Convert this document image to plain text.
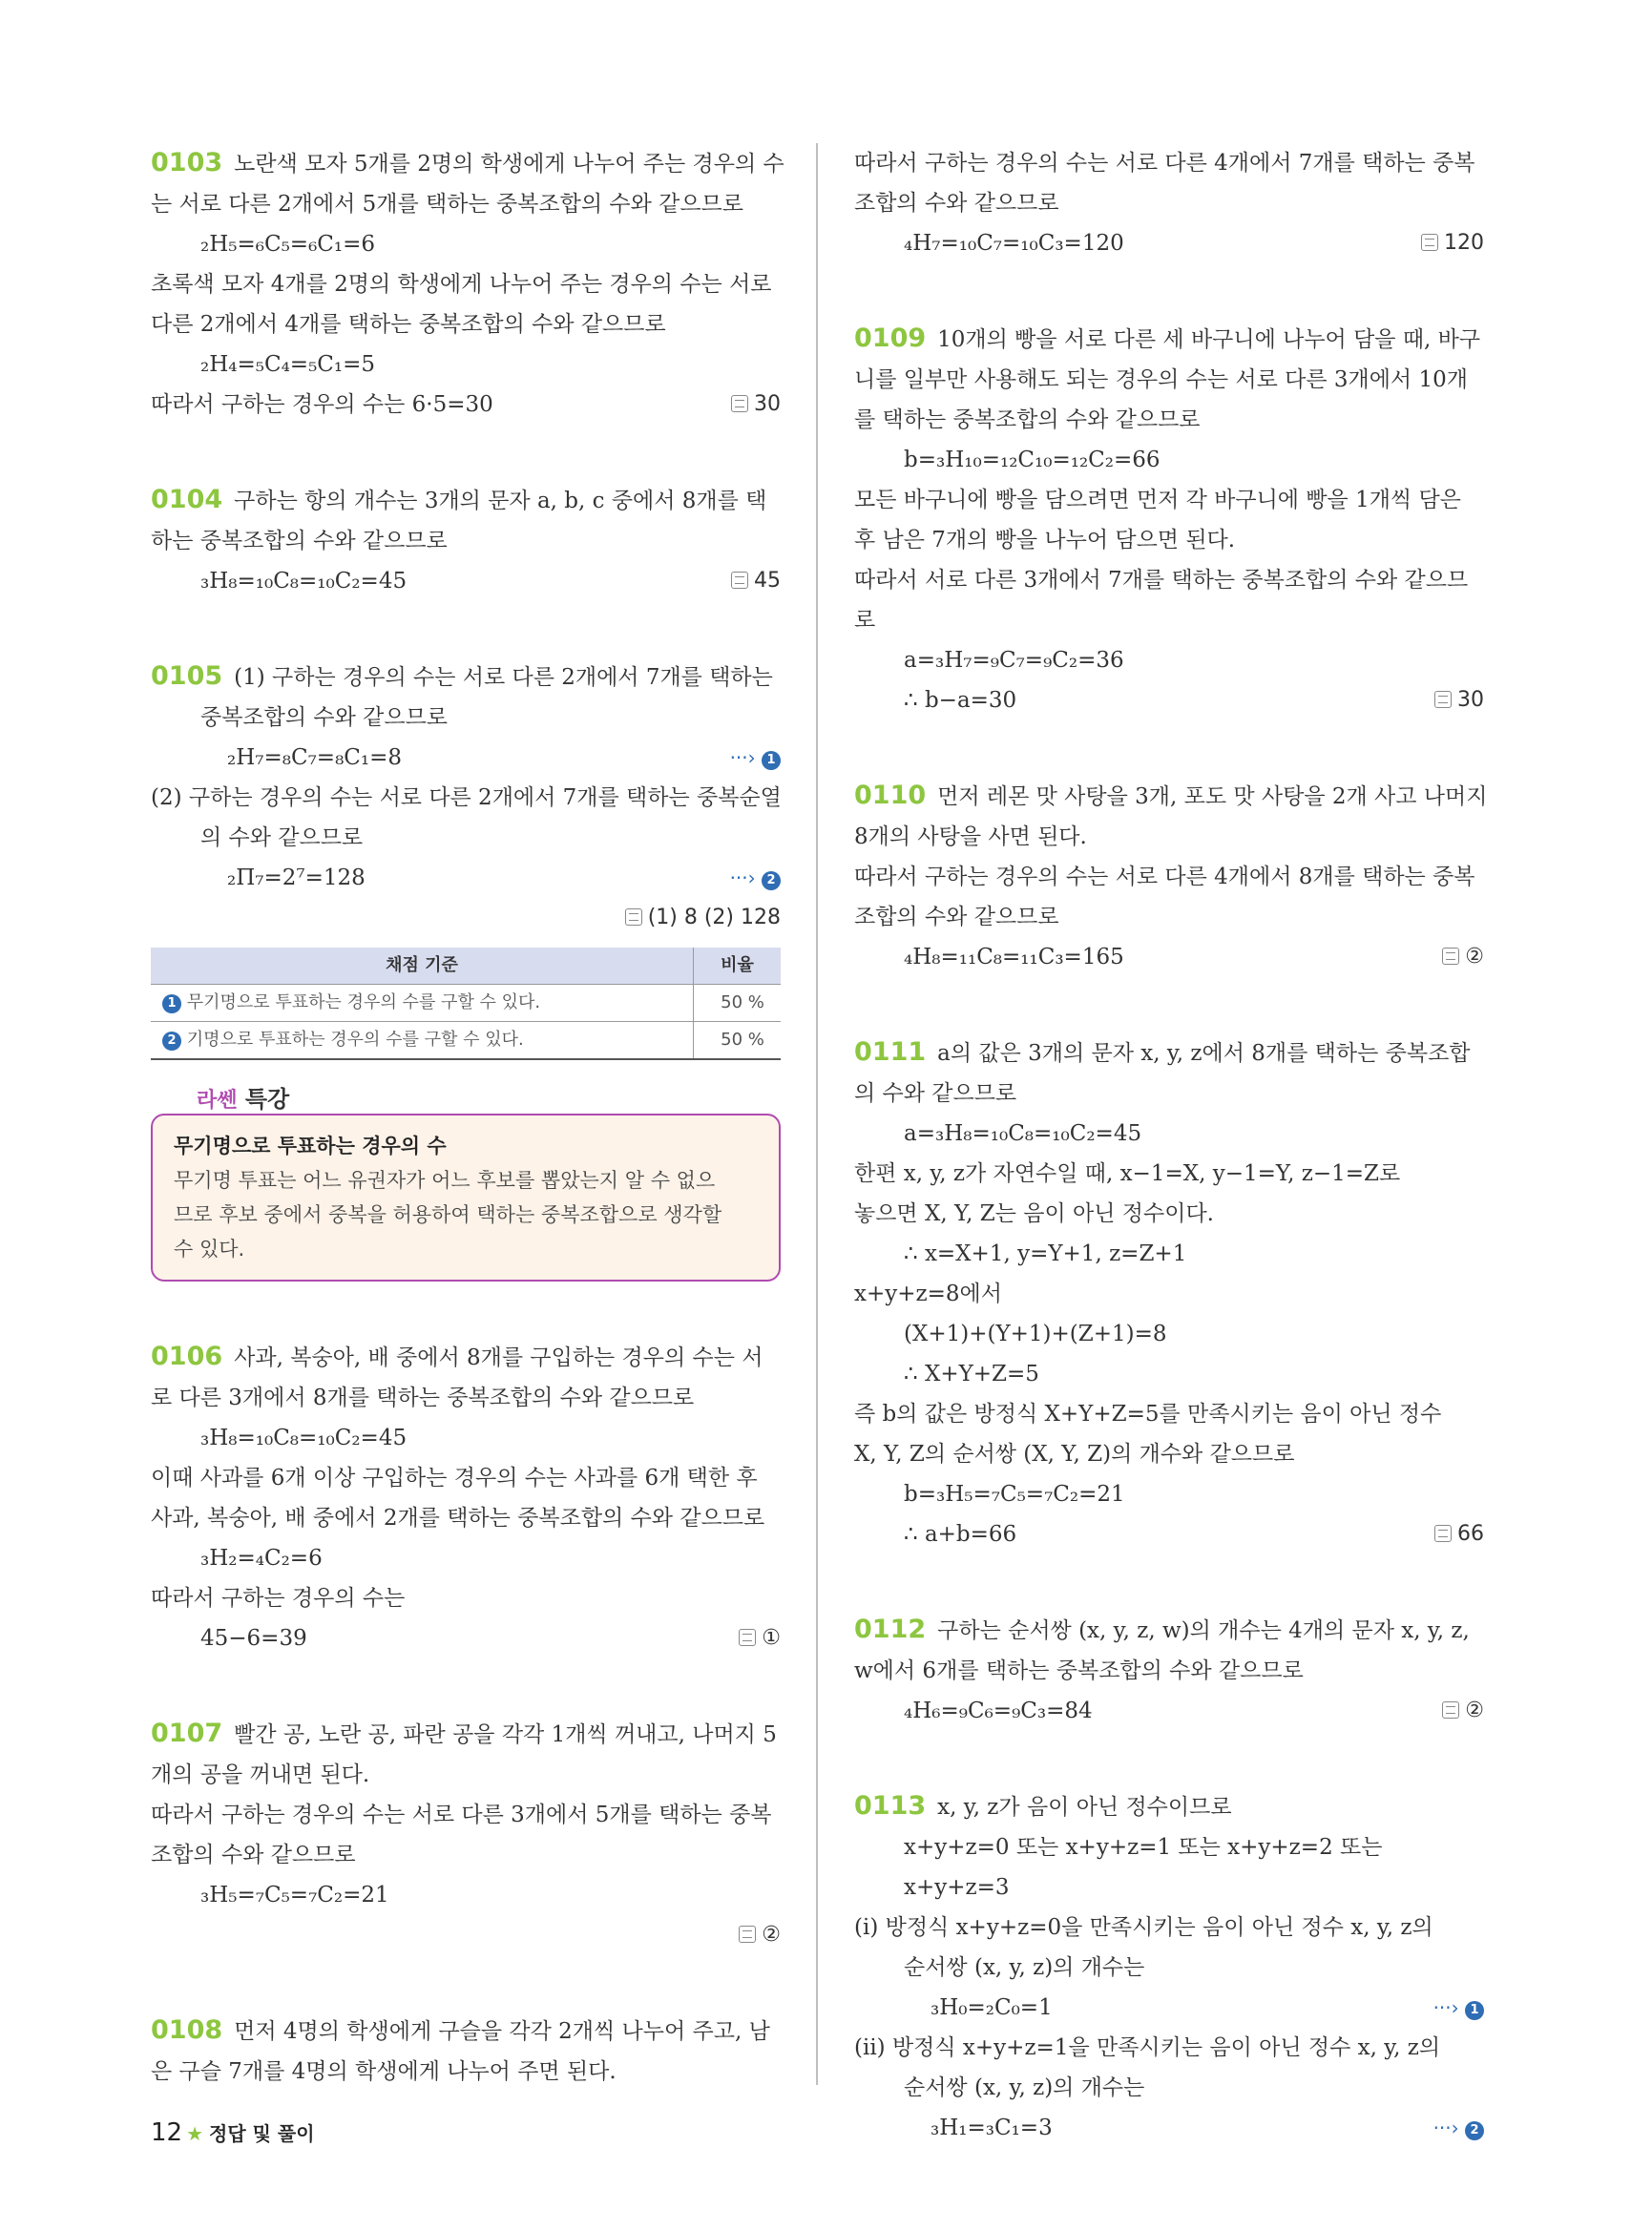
0103 노란색 모자 5개를 2명의 학생에게 나누어 주는 경우의 수
는 서로 다른 2개에서 5개를 택하는 중복조합의 수와 같으므로
₂H₅=₆C₅=₆C₁=6
초록색 모자 4개를 2명의 학생에게 나누어 주는 경우의 수는 서로
다른 2개에서 4개를 택하는 중복조합의 수와 같으므로
₂H₄=₅C₄=₅C₁=5
따라서 구하는 경우의 수는 6·5=30	30
0104 구하는 항의 개수는 3개의 문자 a, b, c 중에서 8개를 택
하는 중복조합의 수와 같으므로
₃H₈=₁₀C₈=₁₀C₂=45	45
0105 (1) 구하는 경우의 수는 서로 다른 2개에서 7개를 택하는
중복조합의 수와 같으므로
₂H₇=₈C₇=₈C₁=8	···› 1
(2) 구하는 경우의 수는 서로 다른 2개에서 7개를 택하는 중복순열
의 수와 같으므로
₂Π₇=2⁷=128	···› 2

(1) 8 (2) 128
채점 기준	비율
1 무기명으로 투표하는 경우의 수를 구할 수 있다.	50 %
2 기명으로 투표하는 경우의 수를 구할 수 있다.	50 %
라쎈 특강
무기명으로 투표하는 경우의 수
무기명 투표는 어느 유권자가 어느 후보를 뽑았는지 알 수 없으
므로 후보 중에서 중복을 허용하여 택하는 중복조합으로 생각할
수 있다.
0106 사과, 복숭아, 배 중에서 8개를 구입하는 경우의 수는 서
로 다른 3개에서 8개를 택하는 중복조합의 수와 같으므로
₃H₈=₁₀C₈=₁₀C₂=45
이때 사과를 6개 이상 구입하는 경우의 수는 사과를 6개 택한 후
사과, 복숭아, 배 중에서 2개를 택하는 중복조합의 수와 같으므로
₃H₂=₄C₂=6
따라서 구하는 경우의 수는
45−6=39	①
0107 빨간 공, 노란 공, 파란 공을 각각 1개씩 꺼내고, 나머지 5
개의 공을 꺼내면 된다.
따라서 구하는 경우의 수는 서로 다른 3개에서 5개를 택하는 중복
조합의 수와 같으므로
₃H₅=₇C₅=₇C₂=21

②
0108 먼저 4명의 학생에게 구슬을 각각 2개씩 나누어 주고, 남
은 구슬 7개를 4명의 학생에게 나누어 주면 된다.
따라서 구하는 경우의 수는 서로 다른 4개에서 7개를 택하는 중복
조합의 수와 같으므로
₄H₇=₁₀C₇=₁₀C₃=120	120
0109 10개의 빵을 서로 다른 세 바구니에 나누어 담을 때, 바구
니를 일부만 사용해도 되는 경우의 수는 서로 다른 3개에서 10개
를 택하는 중복조합의 수와 같으므로
b=₃H₁₀=₁₂C₁₀=₁₂C₂=66
모든 바구니에 빵을 담으려면 먼저 각 바구니에 빵을 1개씩 담은
후 남은 7개의 빵을 나누어 담으면 된다.
따라서 서로 다른 3개에서 7개를 택하는 중복조합의 수와 같으므
로
a=₃H₇=₉C₇=₉C₂=36
∴ b−a=30	30
0110 먼저 레몬 맛 사탕을 3개, 포도 맛 사탕을 2개 사고 나머지
8개의 사탕을 사면 된다.
따라서 구하는 경우의 수는 서로 다른 4개에서 8개를 택하는 중복
조합의 수와 같으므로
₄H₈=₁₁C₈=₁₁C₃=165	②
0111 a의 값은 3개의 문자 x, y, z에서 8개를 택하는 중복조합
의 수와 같으므로
a=₃H₈=₁₀C₈=₁₀C₂=45
한편 x, y, z가 자연수일 때, x−1=X, y−1=Y, z−1=Z로
놓으면 X, Y, Z는 음이 아닌 정수이다.
∴ x=X+1, y=Y+1, z=Z+1
x+y+z=8에서
(X+1)+(Y+1)+(Z+1)=8
∴ X+Y+Z=5
즉 b의 값은 방정식 X+Y+Z=5를 만족시키는 음이 아닌 정수
X, Y, Z의 순서쌍 (X, Y, Z)의 개수와 같으므로
b=₃H₅=₇C₅=₇C₂=21
∴ a+b=66	66
0112 구하는 순서쌍 (x, y, z, w)의 개수는 4개의 문자 x, y, z,
w에서 6개를 택하는 중복조합의 수와 같으므로
₄H₆=₉C₆=₉C₃=84	②
0113 x, y, z가 음이 아닌 정수이므로
x+y+z=0 또는 x+y+z=1 또는 x+y+z=2 또는
x+y+z=3
(i) 방정식 x+y+z=0을 만족시키는 음이 아닌 정수 x, y, z의
순서쌍 (x, y, z)의 개수는
₃H₀=₂C₀=1	···› 1
(ii) 방정식 x+y+z=1을 만족시키는 음이 아닌 정수 x, y, z의
순서쌍 (x, y, z)의 개수는
₃H₁=₃C₁=3	···› 2
12 ★ 정답 및 풀이
